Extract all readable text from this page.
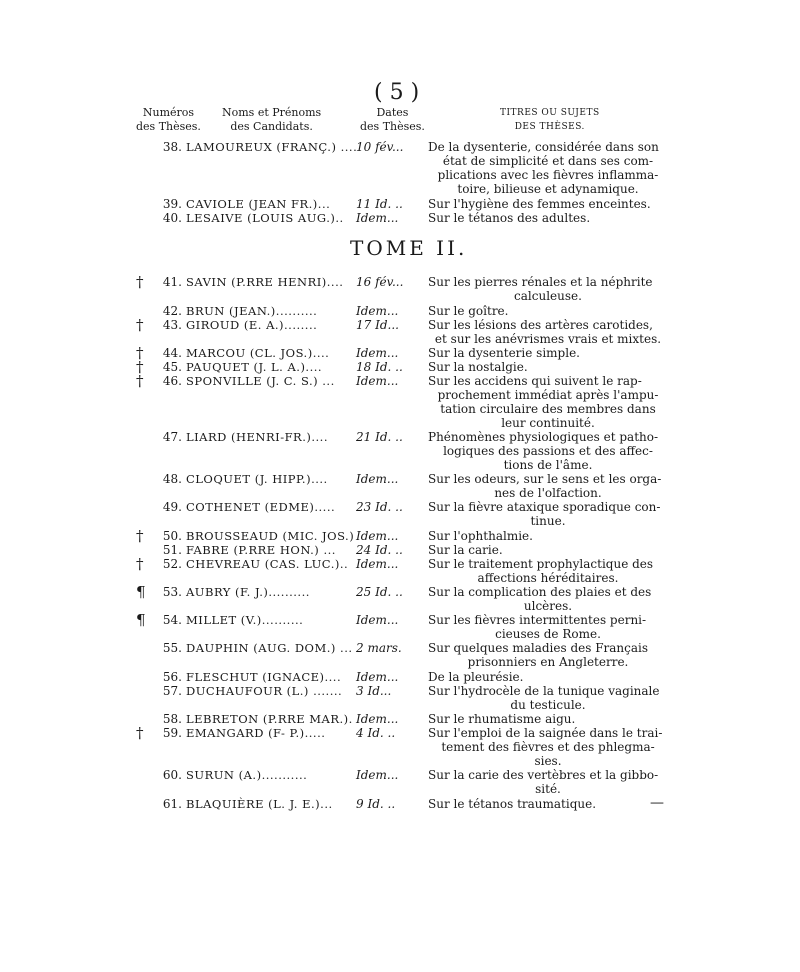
( 5 )
Numéros
des Thèses.
Noms et Prénoms
des Candidats.
Dates
des Thèses.
TITRES OU SUJETS
DES THÈSES.
TOME II.
38. LAMOUREUX (FRANÇ.) ....
10 fév... De la dysenterie, considérée dans son
état de simplicité et dans ses com-
plications avec les fièvres inflamma-
toire, bilieuse et adynamique.
39. CAVIOLE (JEAN FR.)... 11 Id. .. Sur l'hygiène des femmes enceintes.
40. LESAIVE (LOUIS AUG.).. Idem... Sur le tétanos des adultes.
†	41. SAVIN (P.RRE HENRI).... 16 fév... Sur les pierres rénales et la néphrite
calculeuse.
42. BRUN (JEAN.)..........	Idem... Sur le goître.
†	43. GIROUD (E. A.)........	17 Id... Sur les lésions des artères carotides,
et sur les anévrismes vrais et mixtes.
†	44. MARCOU (CL. JOS.).... Idem... Sur la dysenterie simple.
†	45. PAUQUET (J. L. A.)....	18 Id. .. Sur la nostalgie.
†	46. SPONVILLE (J. C. S.) ... Idem... Sur les accidens qui suivent le rap-
prochement immédiat après l'ampu-
tation circulaire des membres dans
leur continuité.
47. LIARD (HENRI-FR.).... 21 Id. .. Phénomènes physiologiques et patho-
logiques des passions et des affec-
tions de l'âme.
48. CLOQUET (J. HIPP.).... Idem... Sur les odeurs, sur le sens et les orga-
nes de l'olfaction.
49. COTHENET (EDME)..... 23 Id. .. Sur la fièvre ataxique sporadique con-
tinue.
†	50. BROUSSEAUD (MIC. JOS.) Idem... Sur l'ophthalmie.
51. FABRE (P.RRE HON.) ... 24 Id. .. Sur la carie.
†	52. CHEVREAU (CAS. LUC.).. Idem... Sur le traitement prophylactique des
affections héréditaires.
¶	53. AUBRY (F. J.)..........	25 Id. .. Sur la complication des plaies et des
ulcères.
¶	54. MILLET (V.)..........	Idem... Sur les fièvres intermittentes perni-
cieuses de Rome.
55. DAUPHIN (AUG. DOM.) ... 2 mars. Sur quelques maladies des Français
prisonniers en Angleterre.
56. FLESCHUT (IGNACE).... Idem... De la pleurésie.
57. DUCHAUFOUR (L.) ....... 3 Id...	Sur l'hydrocèle de la tunique vaginale
du testicule.
58. LEBRETON (P.RRE MAR.). Idem... Sur le rhumatisme aigu.
†	59. EMANGARD (F- P.).....	4 Id. ..	Sur l'emploi de la saignée dans le trai-
tement des fièvres et des phlegma-
sies.
60. SURUN (A.)...........	Idem... Sur la carie des vertèbres et la gibbo-
sité.
61. BLAQUIÈRE (L. J. E.)... 9 Id. ..	Sur le tétanos traumatique.	—
